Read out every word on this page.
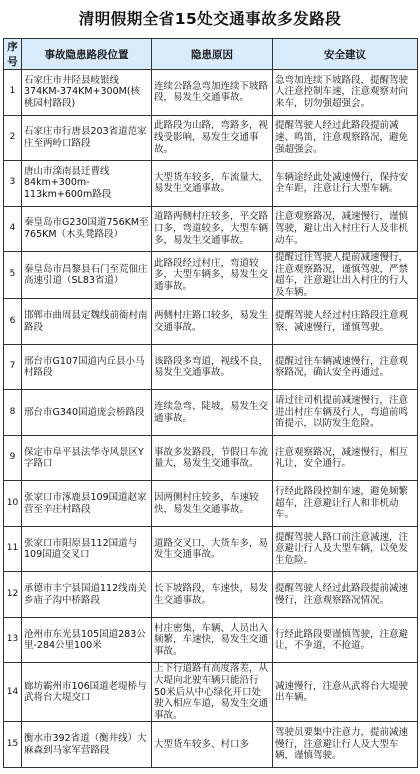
清明假期全省15处交通事故多发路段
序号	事故隐患路段位置	隐患原因	安全建议
1	石家庄市井陉县岐银线374KM-374KM+300M(核桃园村路段)	连续公路急弯加连续下坡路段，易发生交通事故。	急弯加连续下坡路段，提醒驾驶人注意控制车速，注意观察对向来车，切勿强超强会。
2	石家庄市行唐县203省道范家庄至两岭口路段	此路段为山路，弯路多，视线受影响，易发生交通事故。	提醒驾驶人经过此路段提前减速、鸣笛，注意观察路况，避免强超强会。
3	唐山市滦南县迁曹线84km+300m-113km+600m路段	大型货车较多，车流量大，易发生交通事故。	车辆途经此处减速慢行，保持安全车距，注意让行大型车辆。
4	秦皇岛市G230国道756KM至765KM（木头凳路段）	道路两侧村庄较多，平交路口多，弯道较多，大型车辆多，易发生交通事故。	注意观察路况，减速慢行，谨慎驾驶，避让出入村庄行人及非机动车。
5	秦皇岛市昌黎县石门至荒佃庄高速引道（SL83省道）	此路段经过村庄，弯道较多，大型车辆多，易发生交通事故。	提醒过往驾驶人提前减速慢行，注意观察路况，谨慎驾驶，严禁超车，注意避让出入村庄的行人及车辆。
6	邯郸市曲周县定魏线前衙村南路段	两侧村庄路口较多，易发生交通事故。	提醒驾驶人经过村庄路段注意观察，减速慢行，谨慎驾驶。
7	邢台市G107国道内丘县小马村路段	该路段多弯道，视线不良，易发生交通事故。	提醒过往车辆减速慢行，注意观察路况，确认安全再通过。
8	邢台市G340国道庞会桥路段	连续急弯、陡坡，易发生交通事故。	请过往司机提前减速慢行，注意进出村庄车辆及行人，弯道前鸣笛提示，以防发生危险。
9	保定市阜平县法华寺风景区Y字路口	事故多发路段，节假日车流量大，易发生交通事故。	注意观察路况，减速慢行，相互礼让，安全通行。
10	张家口市涿鹿县109国道赵家营至辛庄村路段	因两侧村庄较多，车速较快，易发生交通事故。	行经此路段控制车速，避免频繁超车，注意避让行人和非机动车。
11	张家口市阳原县112国道与109国道交叉口	道路交叉口，大货车多，易发生交通事故。	提醒驾驶人路口前注意减速，注意避让行人及大型车辆，以免发生危险。
12	承德市丰宁县国道112线南关乡庙子沟中桥路段	长下坡路段，车速快，易发生交通事故。	提醒驾驶人经过此路段提前减速慢行，注意观察路况情况。
13	沧州市东光县105国道283公里-284公里100米	村庄密集，车辆、人员出入频繁，车速快，易发生交通事故。	行经此路段要谨慎驾驶，注意避让，不争道，不抢道。
14	廊坊霸州市106国道老堤桥与武将台大堤交口	上下行道路有高度落差，从大堤向北驶车辆只能沿行50米后从中心绿化开口处驶入相应车道，易发生交通事故。	减速慢行，注意从武将台大堤驶出车辆。
15	衡水市392省道（衡井线）大麻森到马家军营路段	大型货车较多、村口多	驾驶员要集中注意力，提前减速慢行，注意避让行人及大型车辆，谨慎驾驶。
